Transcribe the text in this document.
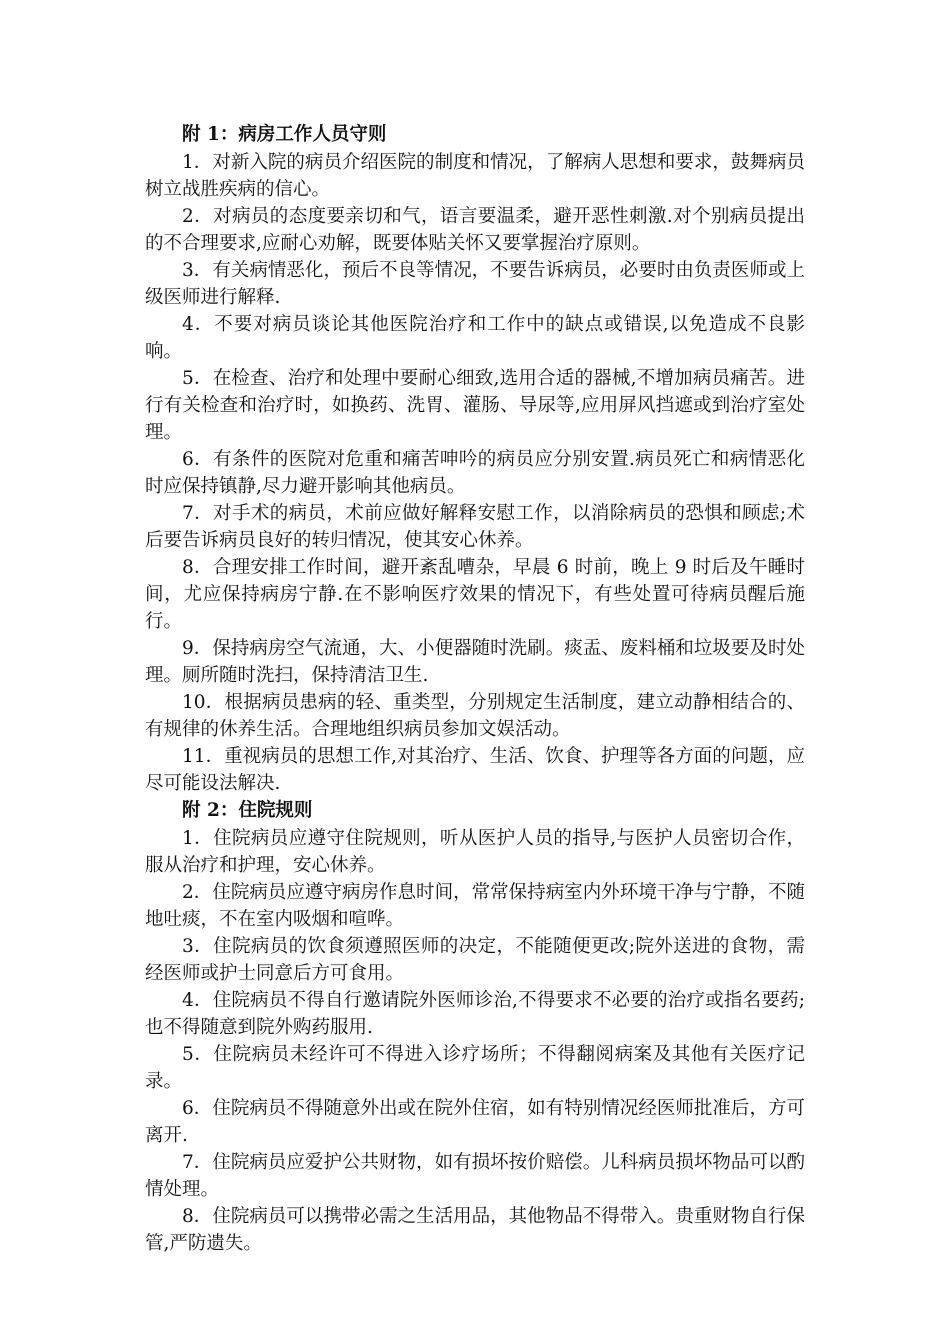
附 1：病房工作人员守则

1．对新入院的病员介绍医院的制度和情况，了解病人思想和要求，鼓舞病员树立战胜疾病的信心。

2．对病员的态度要亲切和气，语言要温柔，避开恶性刺激.对个别病员提出的不合理要求,应耐心劝解，既要体贴关怀又要掌握治疗原则。

3．有关病情恶化，预后不良等情况，不要告诉病员，必要时由负责医师或上级医师进行解释.

4．不要对病员谈论其他医院治疗和工作中的缺点或错误,以免造成不良影响。

5．在检查、治疗和处理中要耐心细致,选用合适的器械,不增加病员痛苦。进行有关检查和治疗时，如换药、洗胃、灌肠、导尿等,应用屏风挡遮或到治疗室处理。

6．有条件的医院对危重和痛苦呻吟的病员应分别安置.病员死亡和病情恶化时应保持镇静,尽力避开影响其他病员。

7．对手术的病员，术前应做好解释安慰工作，以消除病员的恐惧和顾虑;术后要告诉病员良好的转归情况，使其安心休养。

8．合理安排工作时间，避开紊乱嘈杂，早晨 6 时前，晚上 9 时后及午睡时间，尤应保持病房宁静.在不影响医疗效果的情况下，有些处置可待病员醒后施行。

9．保持病房空气流通，大、小便器随时洗刷。痰盂、废料桶和垃圾要及时处理。厕所随时洗扫，保持清洁卫生.

10．根据病员患病的轻、重类型，分别规定生活制度，建立动静相结合的、有规律的休养生活。合理地组织病员参加文娱活动。

11．重视病员的思想工作,对其治疗、生活、饮食、护理等各方面的问题，应尽可能设法解决.

附 2：住院规则

1．住院病员应遵守住院规则，听从医护人员的指导,与医护人员密切合作，服从治疗和护理，安心休养。

2．住院病员应遵守病房作息时间，常常保持病室内外环境干净与宁静，不随地吐痰，不在室内吸烟和喧哗。

3．住院病员的饮食须遵照医师的决定，不能随便更改;院外送进的食物，需经医师或护士同意后方可食用。

4．住院病员不得自行邀请院外医师诊治,不得要求不必要的治疗或指名要药;也不得随意到院外购药服用.

5．住院病员未经许可不得进入诊疗场所；不得翻阅病案及其他有关医疗记录。

6．住院病员不得随意外出或在院外住宿，如有特别情况经医师批准后，方可离开.

7．住院病员应爱护公共财物，如有损坏按价赔偿。儿科病员损坏物品可以酌情处理。

8．住院病员可以携带必需之生活用品，其他物品不得带入。贵重财物自行保管,严防遗失。
